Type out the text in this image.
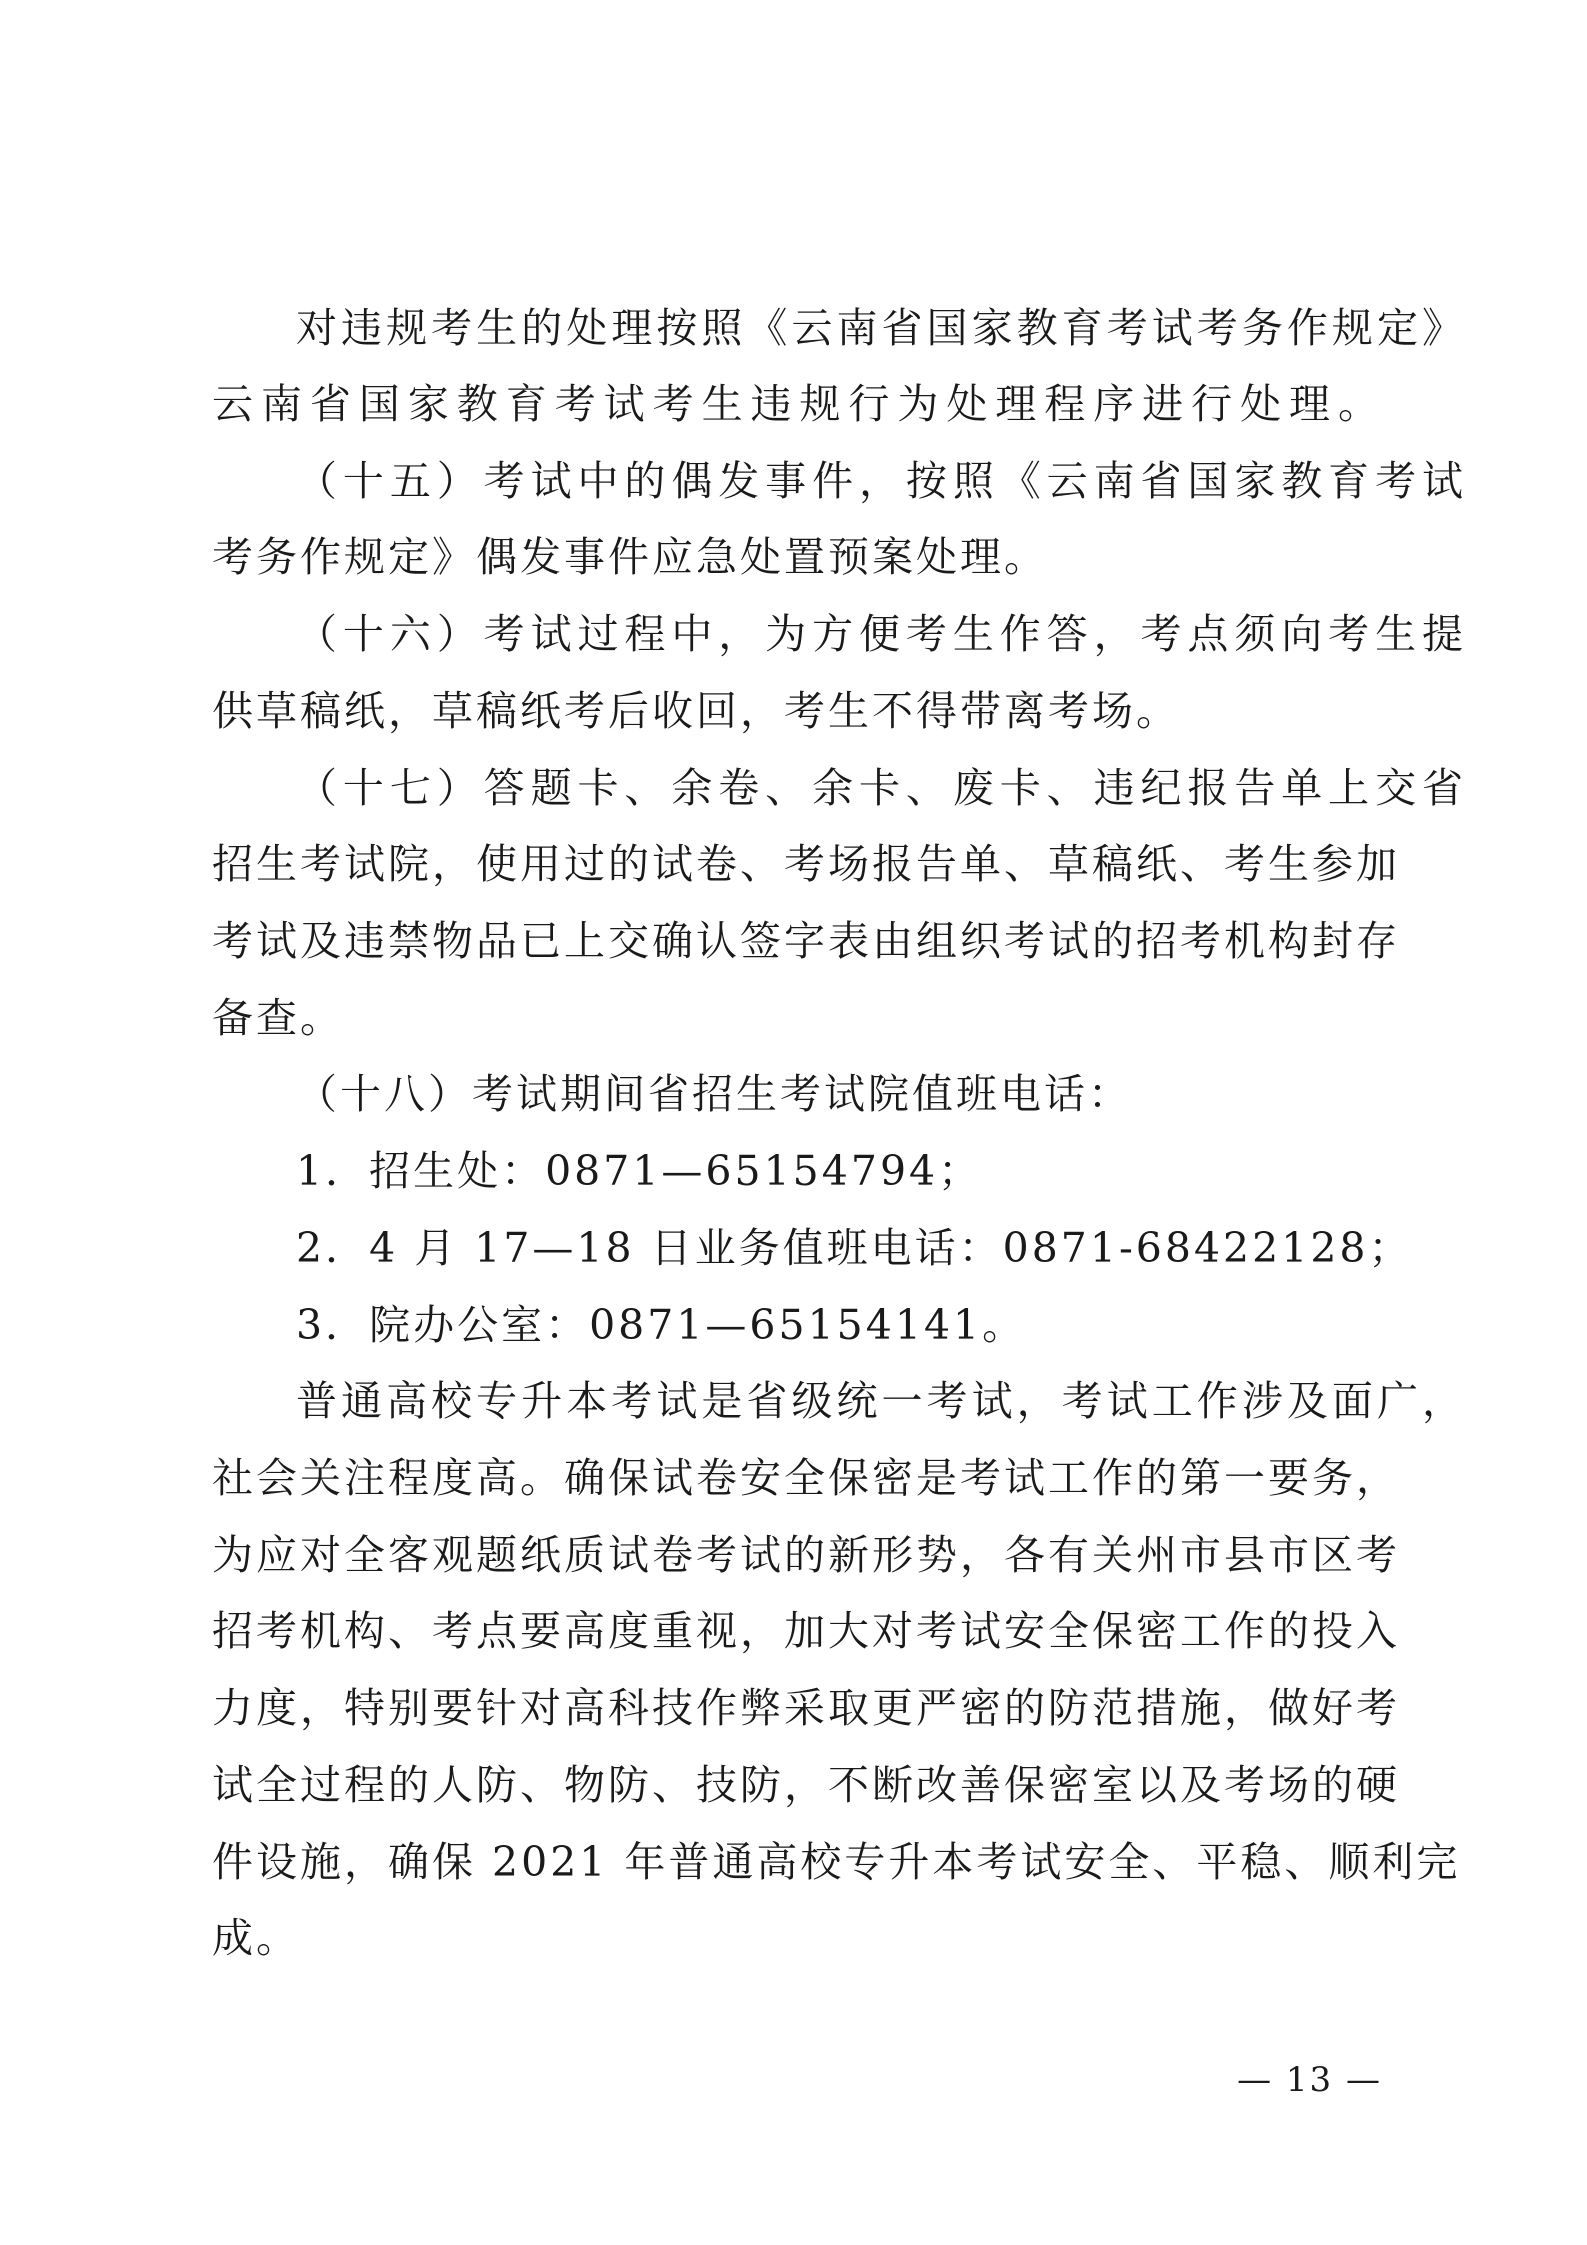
对违规考生的处理按照《云南省国家教育考试考务作规定》
云南省国家教育考试考生违规行为处理程序进行处理。
（十五）考试中的偶发事件，按照《云南省国家教育考试
考务作规定》偶发事件应急处置预案处理。
（十六）考试过程中，为方便考生作答，考点须向考生提
供草稿纸，草稿纸考后收回，考生不得带离考场。
（十七）答题卡、余卷、余卡、废卡、违纪报告单上交省
招生考试院，使用过的试卷、考场报告单、草稿纸、考生参加
考试及违禁物品已上交确认签字表由组织考试的招考机构封存
备查。
（十八）考试期间省招生考试院值班电话：
1．招生处：0871—65154794；
2．4 月 17—18 日业务值班电话：0871-68422128；
3．院办公室：0871—65154141。
普通高校专升本考试是省级统一考试，考试工作涉及面广，
社会关注程度高。确保试卷安全保密是考试工作的第一要务，
为应对全客观题纸质试卷考试的新形势，各有关州市县市区考
招考机构、考点要高度重视，加大对考试安全保密工作的投入
力度，特别要针对高科技作弊采取更严密的防范措施，做好考
试全过程的人防、物防、技防，不断改善保密室以及考场的硬
件设施，确保 2021 年普通高校专升本考试安全、平稳、顺利完
成。
— 13 —
